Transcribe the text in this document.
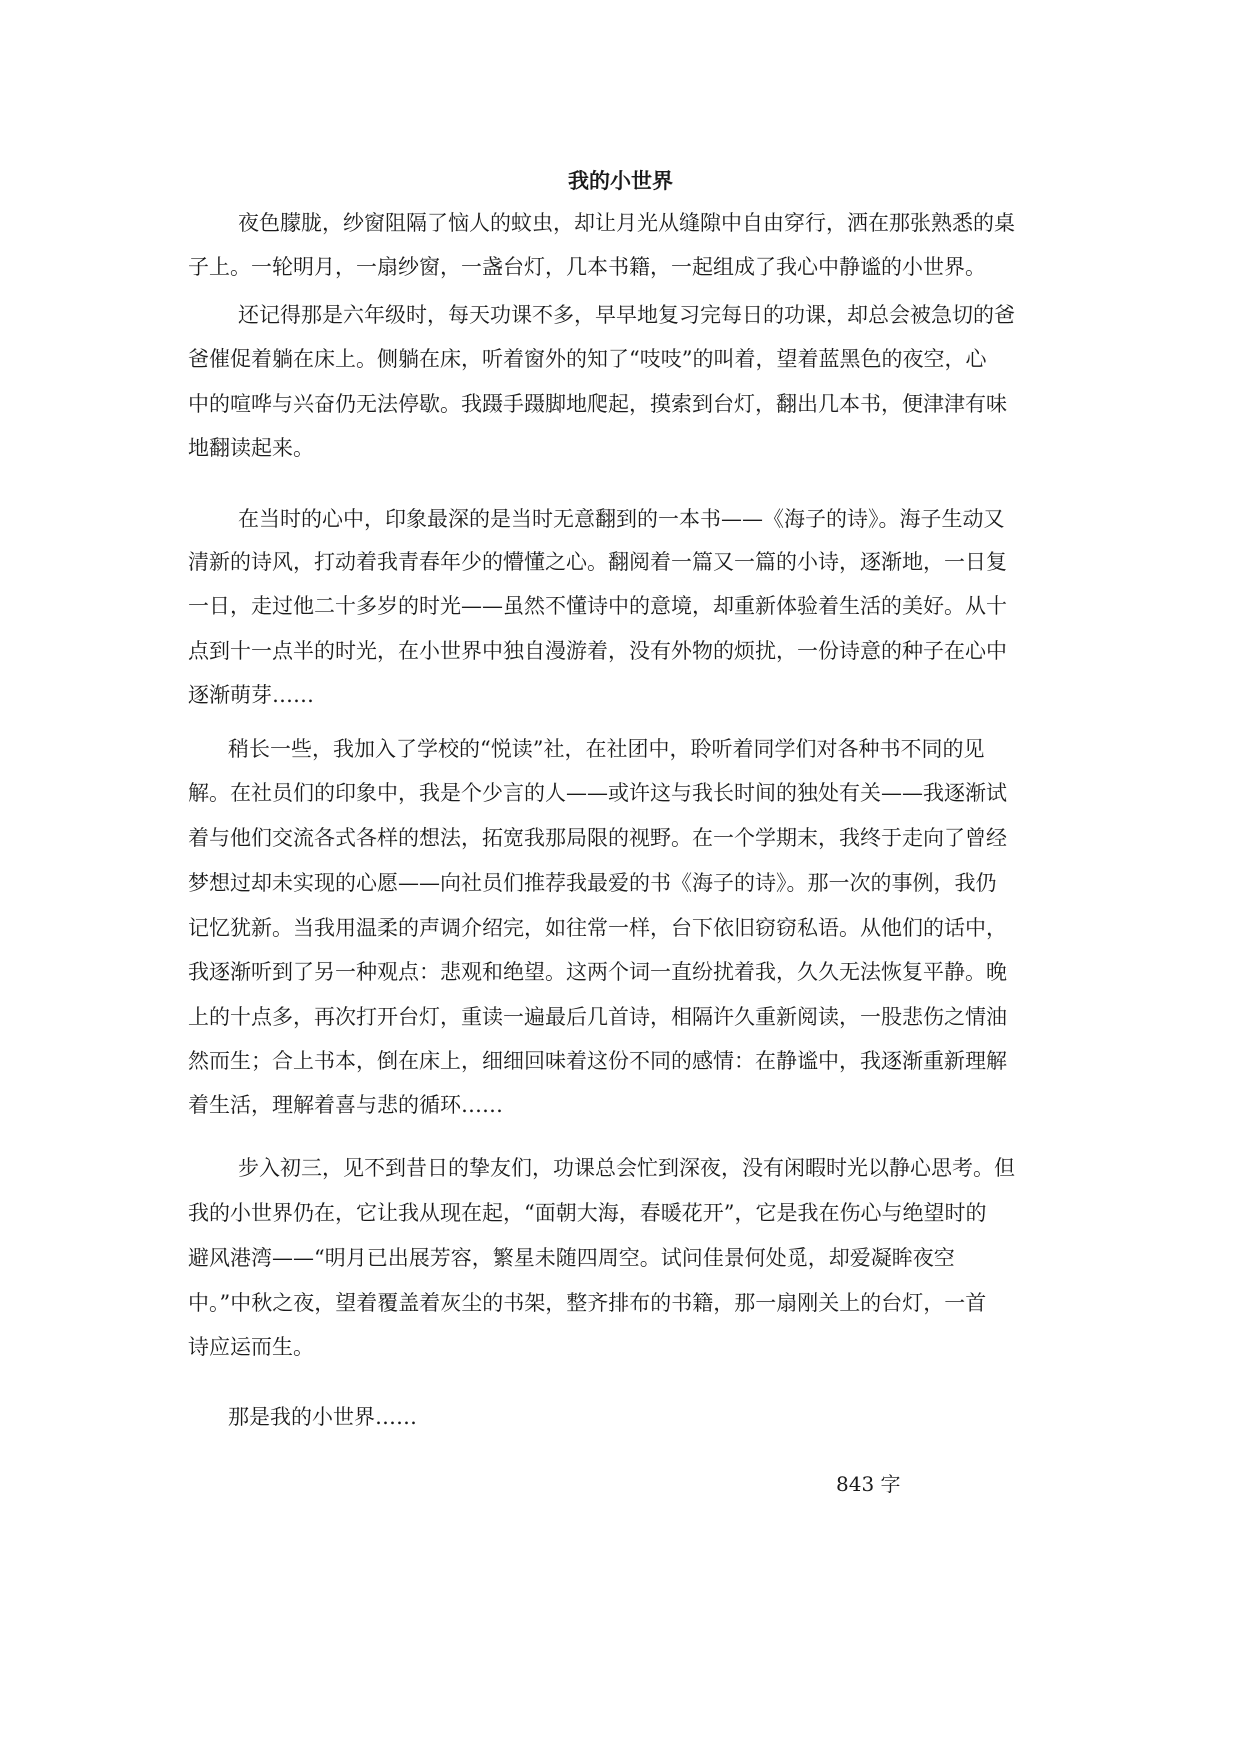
我的小世界
夜色朦胧，纱窗阻隔了恼人的蚊虫，却让月光从缝隙中自由穿行，洒在那张熟悉的桌
子上。一轮明月，一扇纱窗，一盏台灯，几本书籍，一起组成了我心中静谧的小世界。
还记得那是六年级时，每天功课不多，早早地复习完每日的功课，却总会被急切的爸
爸催促着躺在床上。侧躺在床，听着窗外的知了“吱吱”的叫着，望着蓝黑色的夜空，心
中的喧哗与兴奋仍无法停歇。我蹑手蹑脚地爬起，摸索到台灯，翻出几本书，便津津有味
地翻读起来。
在当时的心中，印象最深的是当时无意翻到的一本书——《海子的诗》。海子生动又
清新的诗风，打动着我青春年少的懵懂之心。翻阅着一篇又一篇的小诗，逐渐地，一日复
一日，走过他二十多岁的时光——虽然不懂诗中的意境，却重新体验着生活的美好。从十
点到十一点半的时光，在小世界中独自漫游着，没有外物的烦扰，一份诗意的种子在心中
逐渐萌芽……
稍长一些，我加入了学校的“悦读”社，在社团中，聆听着同学们对各种书不同的见
解。在社员们的印象中，我是个少言的人——或许这与我长时间的独处有关——我逐渐试
着与他们交流各式各样的想法，拓宽我那局限的视野。在一个学期末，我终于走向了曾经
梦想过却未实现的心愿——向社员们推荐我最爱的书《海子的诗》。那一次的事例，我仍
记忆犹新。当我用温柔的声调介绍完，如往常一样，台下依旧窃窃私语。从他们的话中，
我逐渐听到了另一种观点：悲观和绝望。这两个词一直纷扰着我，久久无法恢复平静。晚
上的十点多，再次打开台灯，重读一遍最后几首诗，相隔许久重新阅读，一股悲伤之情油
然而生；合上书本，倒在床上，细细回味着这份不同的感情：在静谧中，我逐渐重新理解
着生活，理解着喜与悲的循环……
步入初三，见不到昔日的挚友们，功课总会忙到深夜，没有闲暇时光以静心思考。但
我的小世界仍在，它让我从现在起，“面朝大海，春暖花开”，它是我在伤心与绝望时的
避风港湾——“明月已出展芳容，繁星未随四周空。试问佳景何处觅，却爱凝眸夜空
中。”中秋之夜，望着覆盖着灰尘的书架，整齐排布的书籍，那一扇刚关上的台灯，一首
诗应运而生。
那是我的小世界……
843 字
